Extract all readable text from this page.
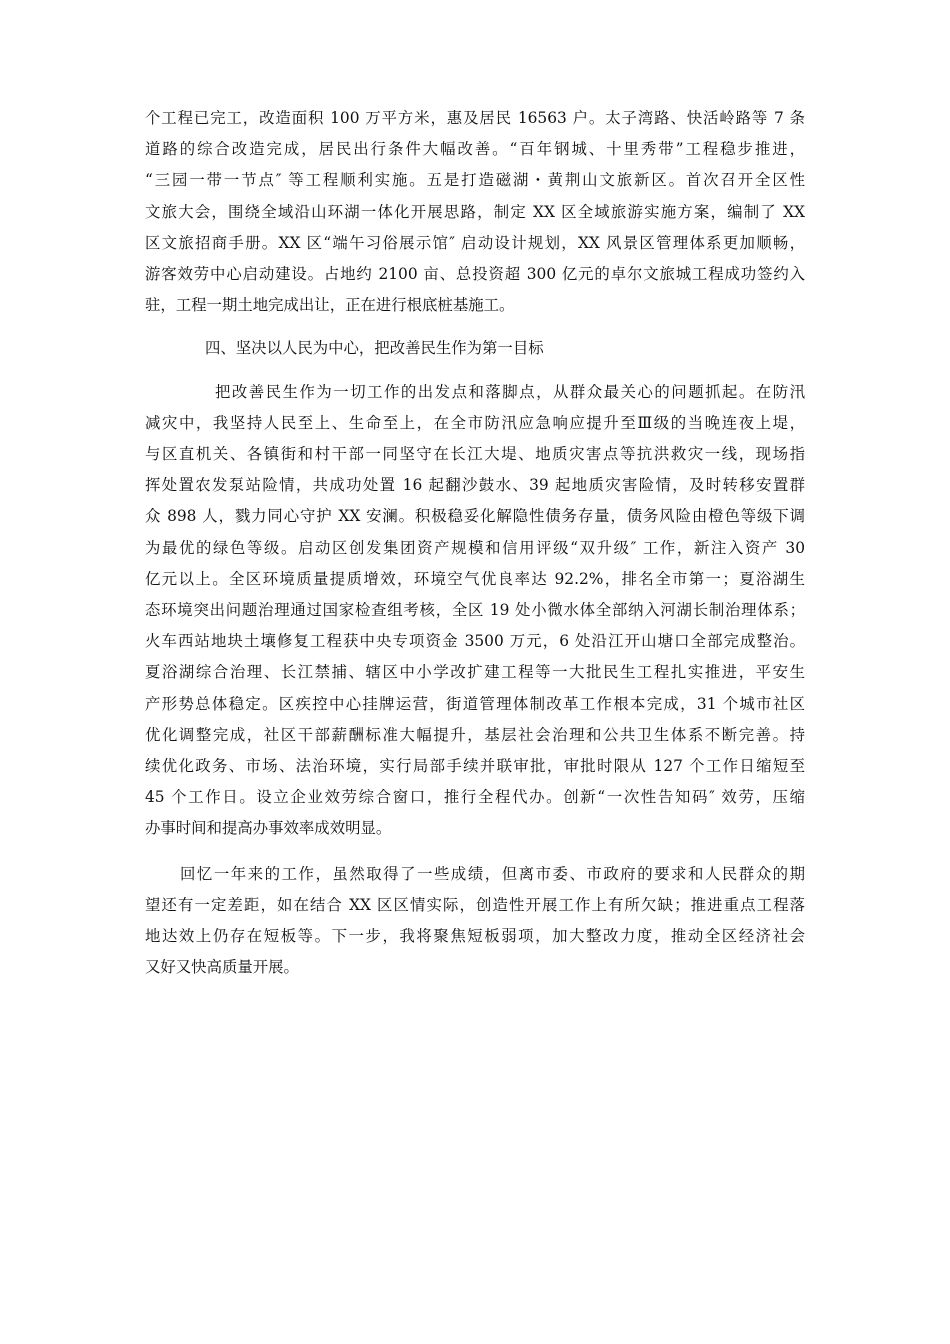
个工程已完工，改造面积 100 万平方米，惠及居民 16563 户。太子湾路、快活岭路等 7 条
道路的综合改造完成，居民出行条件大幅改善。“百年钢城、十里秀带”工程稳步推进，
“三园一带一节点″ 等工程顺利实施。五是打造磁湖・黄荆山文旅新区。首次召开全区性
文旅大会，围绕全域沿山环湖一体化开展思路，制定 XX 区全域旅游实施方案，编制了 XX
区文旅招商手册。XX 区“端午习俗展示馆″ 启动设计规划，XX 风景区管理体系更加顺畅，
游客效劳中心启动建设。占地约 2100 亩、总投资超 300 亿元的卓尔文旅城工程成功签约入
驻，工程一期土地完成出让，正在进行根底桩基施工。
四、坚决以人民为中心，把改善民生作为第一目标
把改善民生作为一切工作的出发点和落脚点，从群众最关心的问题抓起。在防汛
减灾中，我坚持人民至上、生命至上，在全市防汛应急响应提升至Ⅲ级的当晚连夜上堤，
与区直机关、各镇街和村干部一同坚守在长江大堤、地质灾害点等抗洪救灾一线，现场指
挥处置农发泵站险情，共成功处置 16 起翻沙鼓水、39 起地质灾害险情，及时转移安置群
众 898 人，戮力同心守护 XX 安澜。积极稳妥化解隐性债务存量，债务风险由橙色等级下调
为最优的绿色等级。启动区创发集团资产规模和信用评级“双升级″ 工作，新注入资产 30
亿元以上。全区环境质量提质增效，环境空气优良率达 92.2%，排名全市第一；夏浴湖生
态环境突出问题治理通过国家检查组考核，全区 19 处小微水体全部纳入河湖长制治理体系；
火车西站地块土壤修复工程获中央专项资金 3500 万元，6 处沿江开山塘口全部完成整治。
夏浴湖综合治理、长江禁捕、辖区中小学改扩建工程等一大批民生工程扎实推进，平安生
产形势总体稳定。区疾控中心挂牌运营，街道管理体制改革工作根本完成，31 个城市社区
优化调整完成，社区干部薪酬标准大幅提升，基层社会治理和公共卫生体系不断完善。持
续优化政务、市场、法治环境，实行局部手续并联审批，审批时限从 127 个工作日缩短至
45 个工作日。设立企业效劳综合窗口，推行全程代办。创新“一次性告知码″ 效劳，压缩
办事时间和提高办事效率成效明显。
回忆一年来的工作，虽然取得了一些成绩，但离市委、市政府的要求和人民群众的期
望还有一定差距，如在结合 XX 区区情实际，创造性开展工作上有所欠缺；推进重点工程落
地达效上仍存在短板等。下一步，我将聚焦短板弱项，加大整改力度，推动全区经济社会
又好又快高质量开展。
